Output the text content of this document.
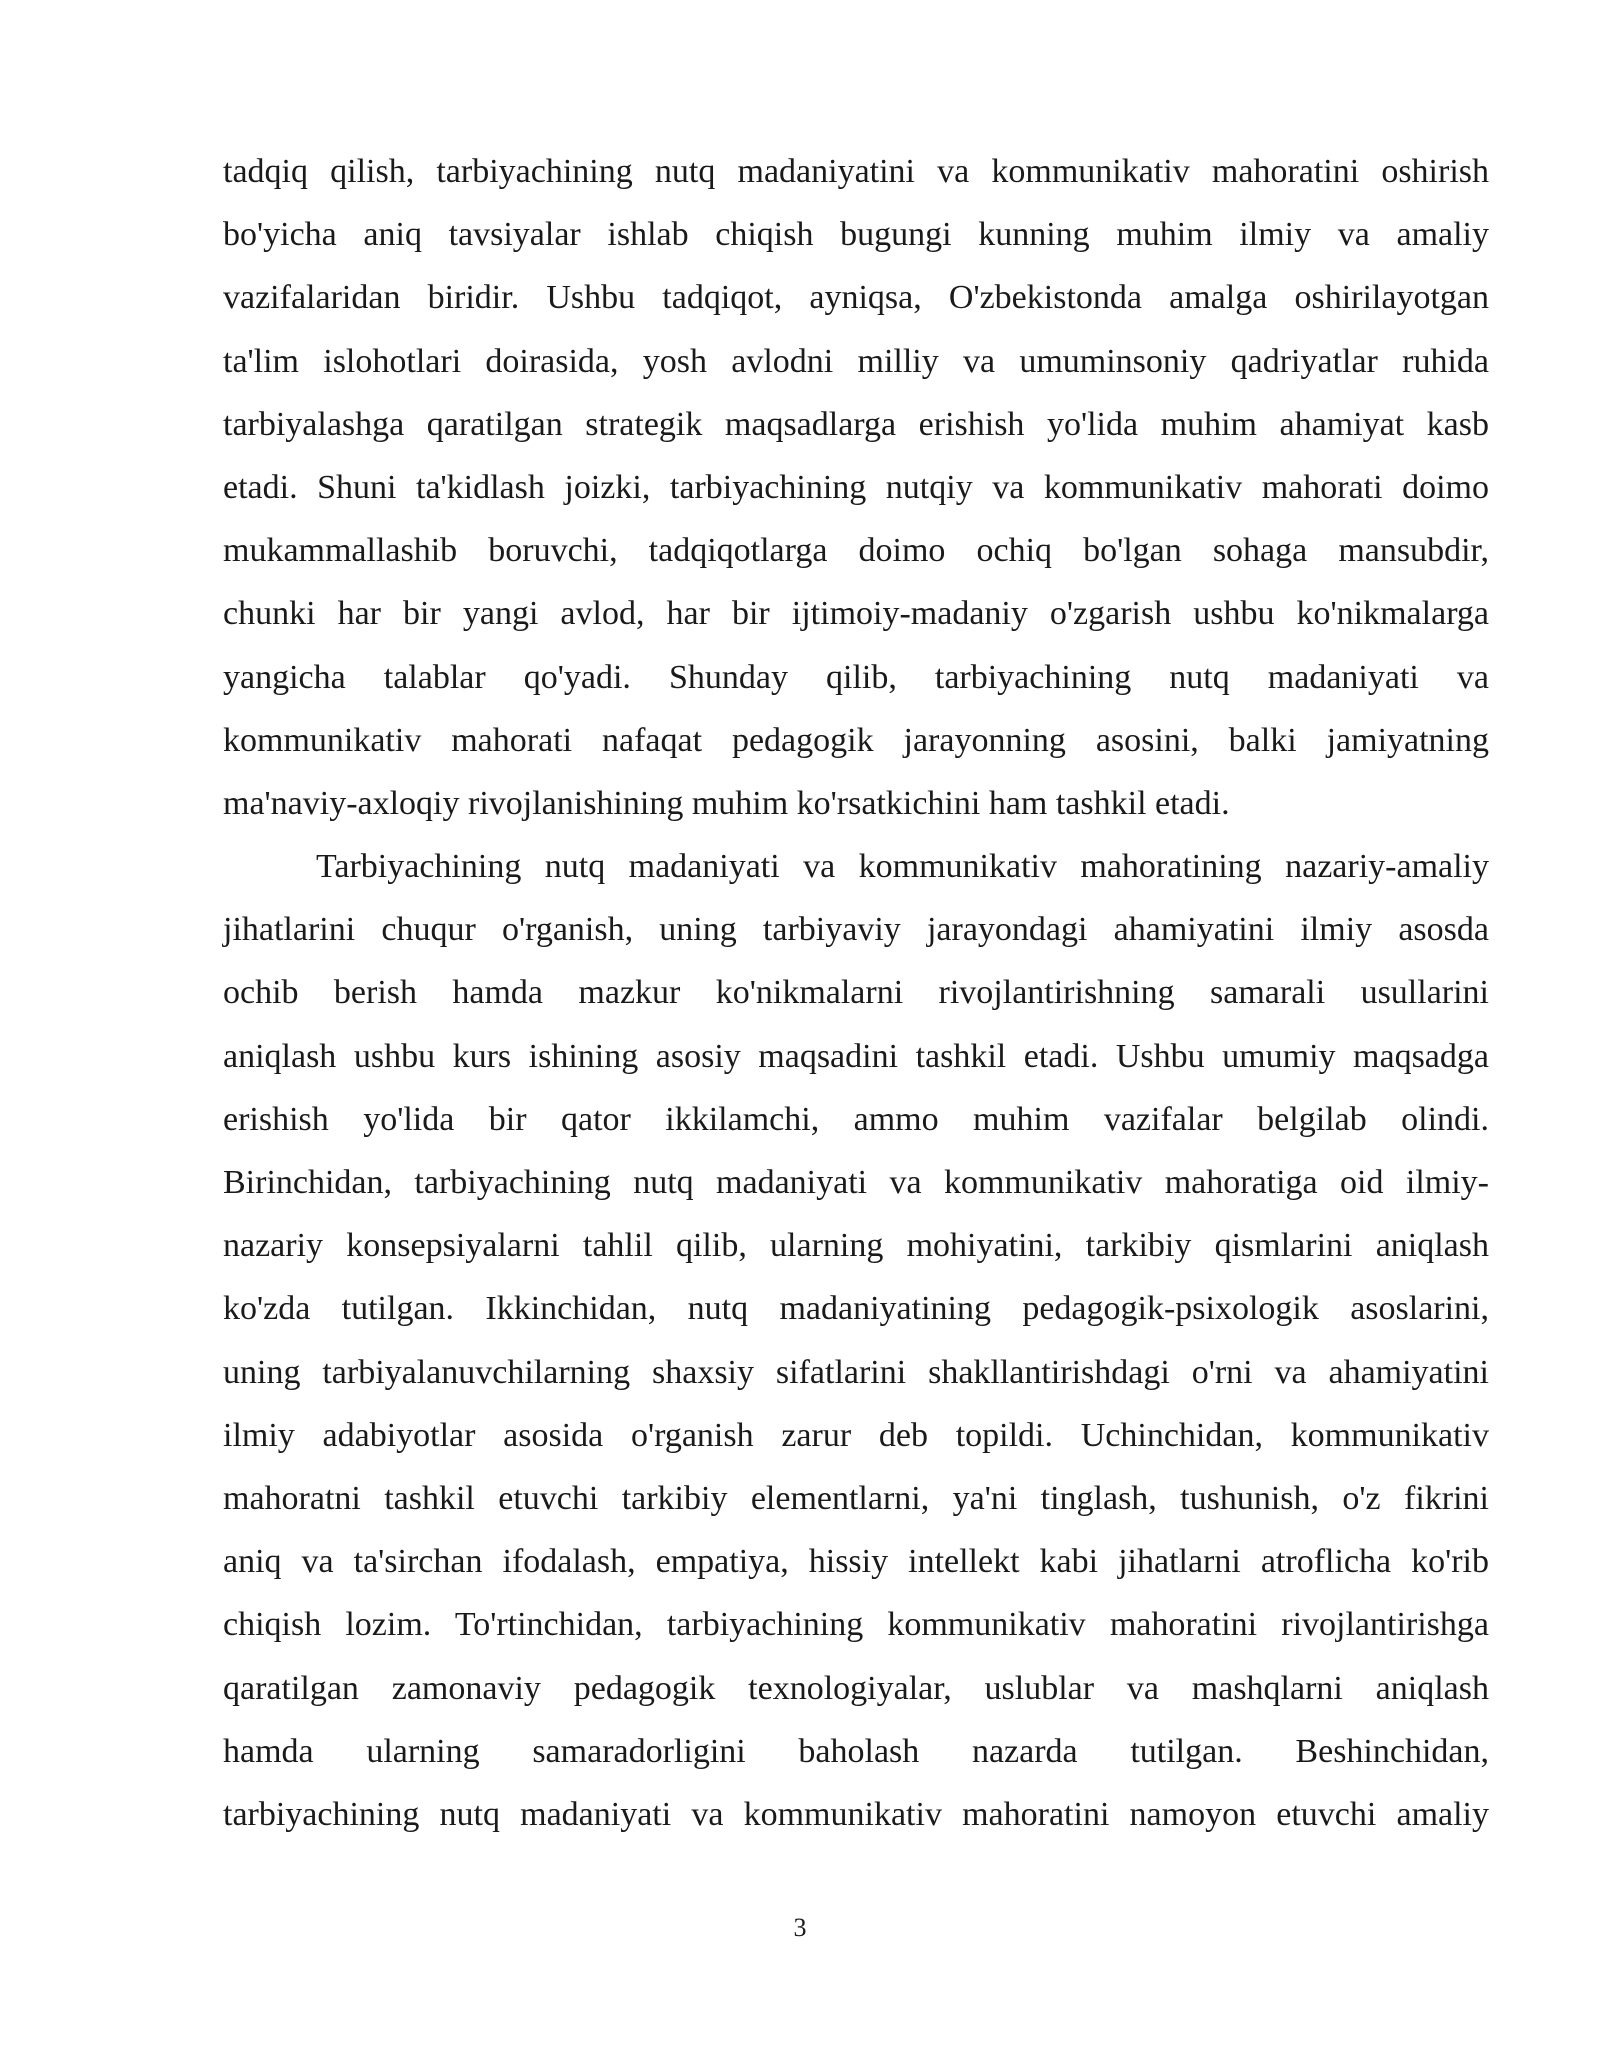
tadqiq qilish, tarbiyachining nutq madaniyatini va kommunikativ mahoratini oshirish
bo'yicha aniq tavsiyalar ishlab chiqish bugungi kunning muhim ilmiy va amaliy
vazifalaridan biridir. Ushbu tadqiqot, ayniqsa, O'zbekistonda amalga oshirilayotgan
ta'lim islohotlari doirasida, yosh avlodni milliy va umuminsoniy qadriyatlar ruhida
tarbiyalashga qaratilgan strategik maqsadlarga erishish yo'lida muhim ahamiyat kasb
etadi. Shuni ta'kidlash joizki, tarbiyachining nutqiy va kommunikativ mahorati doimo
mukammallashib boruvchi, tadqiqotlarga doimo ochiq bo'lgan sohaga mansubdir,
chunki har bir yangi avlod, har bir ijtimoiy-madaniy o'zgarish ushbu ko'nikmalarga
yangicha talablar qo'yadi. Shunday qilib, tarbiyachining nutq madaniyati va
kommunikativ mahorati nafaqat pedagogik jarayonning asosini, balki jamiyatning
ma'naviy-axloqiy rivojlanishining muhim ko'rsatkichini ham tashkil etadi.
Tarbiyachining nutq madaniyati va kommunikativ mahoratining nazariy-amaliy
jihatlarini chuqur o'rganish, uning tarbiyaviy jarayondagi ahamiyatini ilmiy asosda
ochib berish hamda mazkur ko'nikmalarni rivojlantirishning samarali usullarini
aniqlash ushbu kurs ishining asosiy maqsadini tashkil etadi. Ushbu umumiy maqsadga
erishish yo'lida bir qator ikkilamchi, ammo muhim vazifalar belgilab olindi.
Birinchidan, tarbiyachining nutq madaniyati va kommunikativ mahoratiga oid ilmiy-
nazariy konsepsiyalarni tahlil qilib, ularning mohiyatini, tarkibiy qismlarini aniqlash
ko'zda tutilgan. Ikkinchidan, nutq madaniyatining pedagogik-psixologik asoslarini,
uning tarbiyalanuvchilarning shaxsiy sifatlarini shakllantirishdagi o'rni va ahamiyatini
ilmiy adabiyotlar asosida o'rganish zarur deb topildi. Uchinchidan, kommunikativ
mahoratni tashkil etuvchi tarkibiy elementlarni, ya'ni tinglash, tushunish, o'z fikrini
aniq va ta'sirchan ifodalash, empatiya, hissiy intellekt kabi jihatlarni atroflicha ko'rib
chiqish lozim. To'rtinchidan, tarbiyachining kommunikativ mahoratini rivojlantirishga
qaratilgan zamonaviy pedagogik texnologiyalar, uslublar va mashqlarni aniqlash
hamda ularning samaradorligini baholash nazarda tutilgan. Beshinchidan,
tarbiyachining nutq madaniyati va kommunikativ mahoratini namoyon etuvchi amaliy
3
